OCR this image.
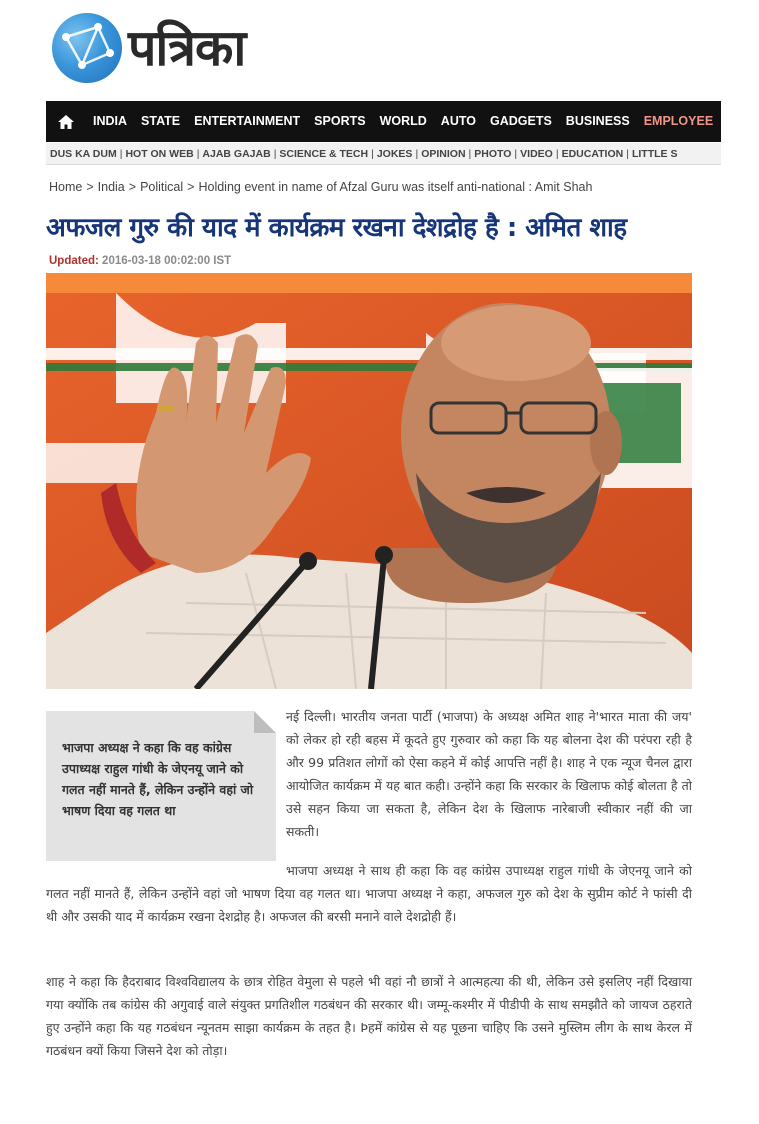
पत्रिका
INDIA	STATE	ENTERTAINMENT	SPORTS	WORLD	AUTO	GADGETS	BUSINESS	EMPLOYEE
DUS KA DUM | HOT ON WEB | AJAB GAJAB | SCIENCE & TECH | JOKES | OPINION | PHOTO | VIDEO | EDUCATION | LITTLE S
Home > India > Political > Holding event in name of Afzal Guru was itself anti-national : Amit Shah
अफजल गुरु की याद में कार्यक्रम रखना देशद्रोह है : अमित शाह
Updated: 2016-03-18 00:02:00 IST

भाजपा अध्यक्ष ने कहा कि वह कांग्रेस उपाध्यक्ष राहुल गांधी के जेएनयू जाने को गलत नहीं मानते हैं, लेकिन उन्होंने वहां जो भाषण दिया वह गलत था

नई दिल्ली। भारतीय जनता पार्टी (भाजपा) के अध्यक्ष अमित शाह ने'भारत माता की जय' को लेकर हो रही बहस में कूदते हुए गुरुवार को कहा कि यह बोलना देश की परंपरा रही है और 99 प्रतिशत लोगों को ऐसा कहने में कोई आपत्ति नहीं है। शाह ने एक न्यूज चैनल द्वारा आयोजित कार्यक्रम में यह बात कही। उन्होंने कहा कि सरकार के खिलाफ कोई बोलता है तो उसे सहन किया जा सकता है, लेकिन देश के खिलाफ नारेबाजी स्वीकार नहीं की जा सकती।

भाजपा अध्यक्ष ने साथ ही कहा कि वह कांग्रेस उपाध्यक्ष राहुल गांधी के जेएनयू जाने को गलत नहीं मानते हैं, लेकिन उन्होंने वहां जो भाषण दिया वह गलत था। भाजपा अध्यक्ष ने कहा, अफजल गुरु को देश के सुप्रीम कोर्ट ने फांसी दी थी और उसकी याद में कार्यक्रम रखना देशद्रोह है। अफजल की बरसी मनाने वाले देशद्रोही हैं।

शाह ने कहा कि हैदराबाद विश्वविद्यालय के छात्र रोहित वेमुला से पहले भी वहां नौ छात्रों ने आत्महत्या की थी, लेकिन उसे इसलिए नहीं दिखाया गया क्योंकि तब कांग्रेस की अगुवाई वाले संयुक्त प्रगतिशील गठबंधन की सरकार थी। जम्मू-कश्मीर में पीडीपी के साथ समझौते को जायज ठहराते हुए उन्होंने कहा कि यह गठबंधन न्यूनतम साझा कार्यक्रम के तहत है। Þहमें कांग्रेस से यह पूछना चाहिए कि उसने मुस्लिम लीग के साथ केरल में गठबंधन क्यों किया जिसने देश को तोड़ा।
